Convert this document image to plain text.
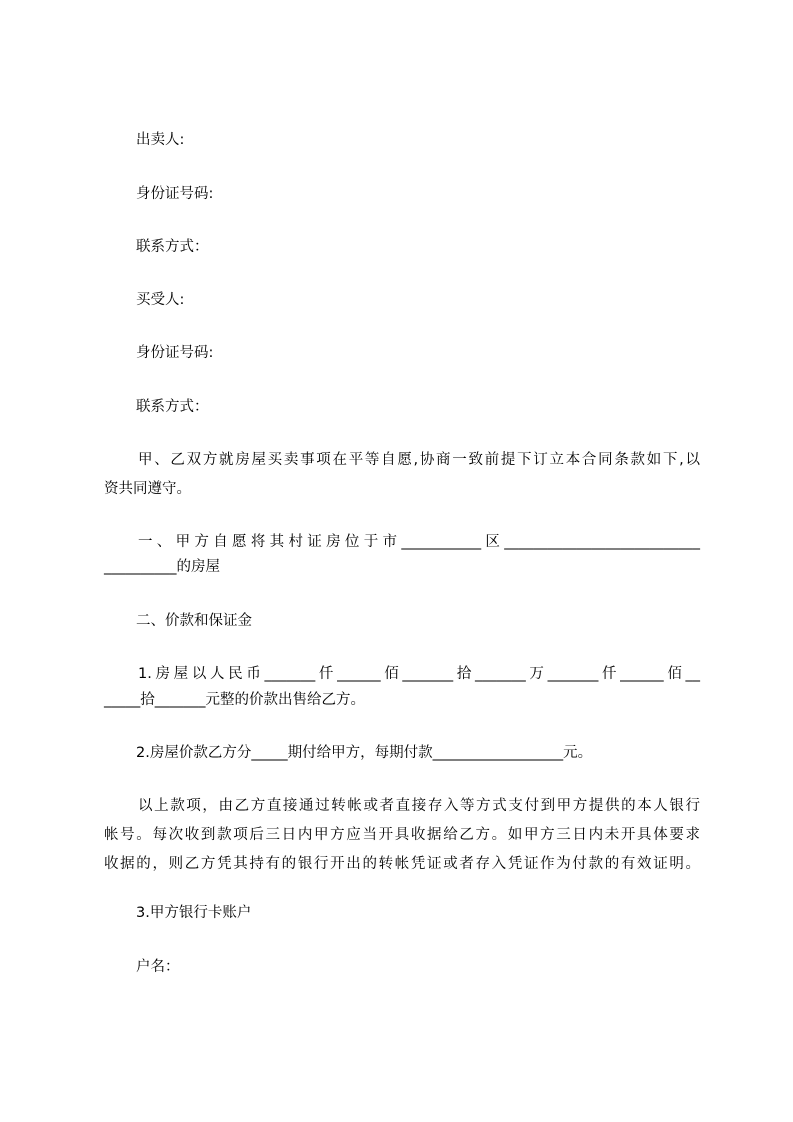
出卖人:
身份证号码:
联系方式：
买受人:
身份证号码:
联系方式：
甲、乙双方就房屋买卖事项在平等自愿,协商一致前提下订立本合同条款如下,以
资共同遵守。
一、甲方自愿将其村证房位于市___________区___________________________
__________的房屋
二、价款和保证金
1.房屋以人民币_______仟______佰_______拾_______万_______仟______佰__
_____拾_______元整的价款出售给乙方。
2.房屋价款乙方分_____期付给甲方，每期付款__________________元。
以上款项，由乙方直接通过转帐或者直接存入等方式支付到甲方提供的本人银行
帐号。每次收到款项后三日内甲方应当开具收据给乙方。如甲方三日内未开具体要求
收据的，则乙方凭其持有的银行开出的转帐凭证或者存入凭证作为付款的有效证明。
3.甲方银行卡账户
户名：
